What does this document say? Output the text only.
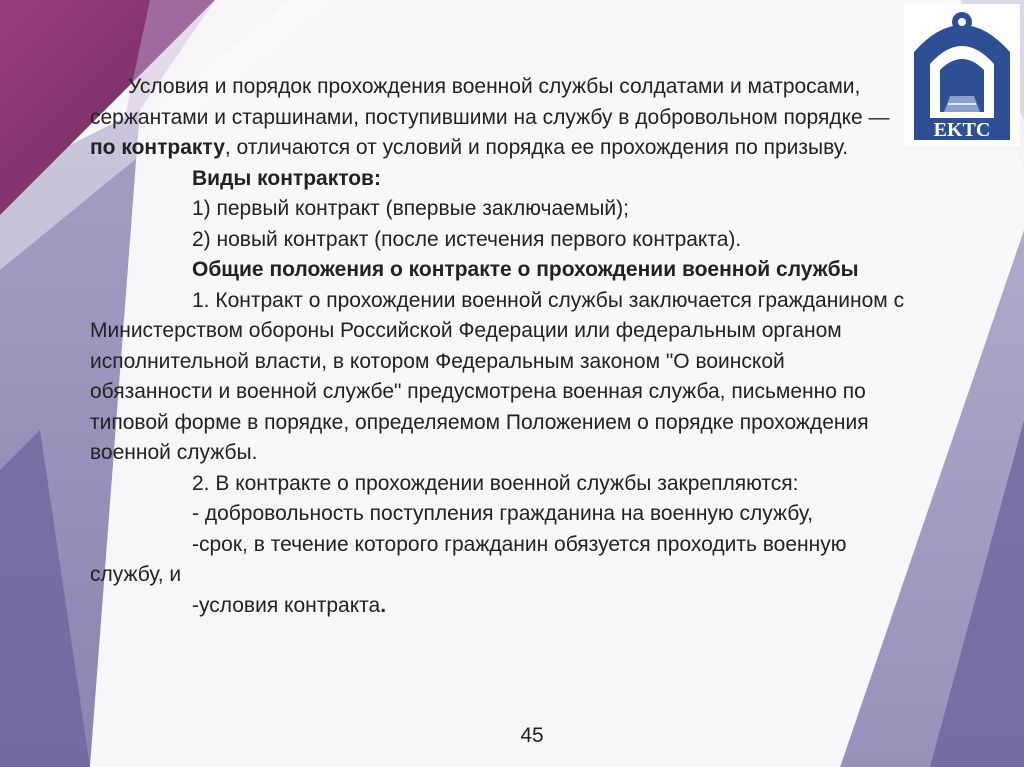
EKTC

Условия и порядок прохождения военной службы солдатами и матросами, сержантами и старшинами, поступившими на службу в добровольном порядке — по контракту, отличаются от условий и порядка ее прохождения по призыву.

Виды контрактов:

1) первый контракт (впервые заключаемый);

2) новый контракт (после истечения первого контракта).

Общие положения о контракте о прохождении военной службы

1. Контракт о прохождении военной службы заключается гражданином с Министерством обороны Российской Федерации или федеральным органом исполнительной власти, в котором Федеральным законом "О воинской обязанности и военной службе" предусмотрена военная служба, письменно по типовой форме в порядке, определяемом Положением о порядке прохождения военной службы.

2. В контракте о прохождении военной службы закрепляются:

- добровольность поступления гражданина на военную службу,

-срок, в течение которого гражданин обязуется проходить военную службу, и

-условия контракта.

45
